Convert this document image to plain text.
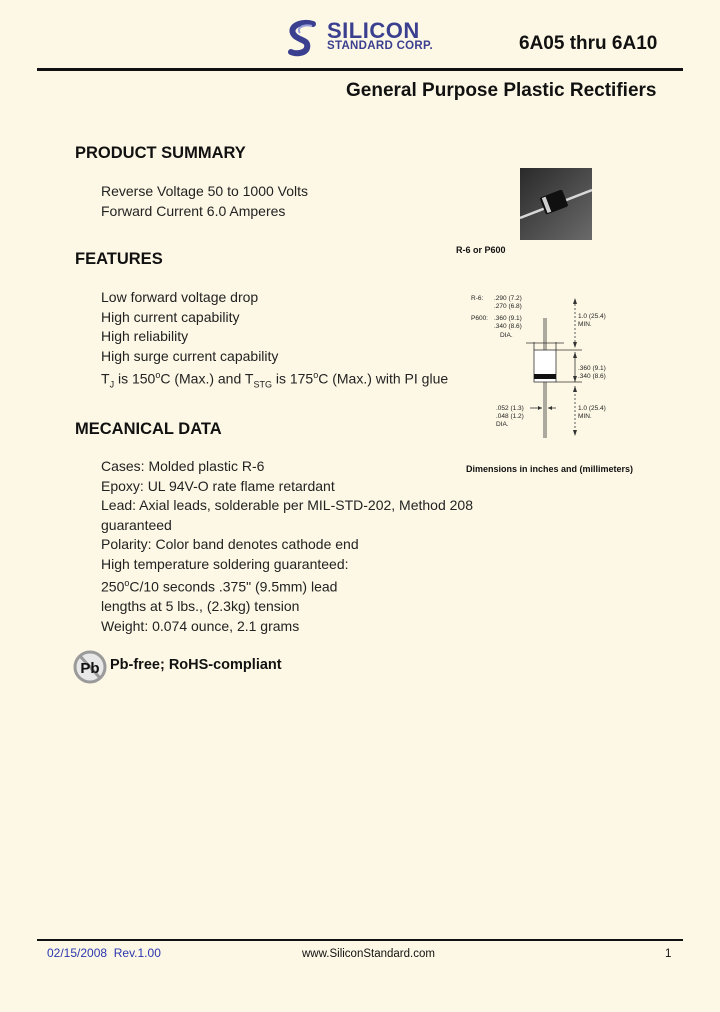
SILICON
STANDARD CORP.	6A05 thru 6A10
General Purpose Plastic Rectifiers
PRODUCT SUMMARY
Reverse Voltage 50 to 1000 Volts
Forward Current 6.0 Amperes
R-6 or P600
FEATURES
Low forward voltage drop
High current capability
High reliability
High surge current capability
$T_J$ is 150$^o$C (Max.) and $T_{STG}$ is 175$^o$C (Max.) with PI glue
R-6: .290 (7.2)
.270 (6.8)
P600: .360 (9.1)
.340 (8.6)
DIA.
1.0 (25.4)
MIN.
.360 (9.1)
.340 (8.6)
.052 (1.3)
.048 (1.2)
DIA.
1.0 (25.4)
MIN.
Dimensions in inches and (millimeters)
MECANICAL DATA
Cases: Molded plastic R-6
Epoxy: UL 94V-O rate flame retardant
Lead: Axial leads, solderable per MIL-STD-202, Method 208
guaranteed
Polarity: Color band denotes cathode end
High temperature soldering guaranteed:
250$^o$C/10 seconds .375" (9.5mm) lead
lengths at 5 lbs., (2.3kg) tension
Weight: 0.074 ounce, 2.1 grams
Pb Pb-free; RoHS-compliant
02/15/2008  Rev.1.00	www.SiliconStandard.com	1
